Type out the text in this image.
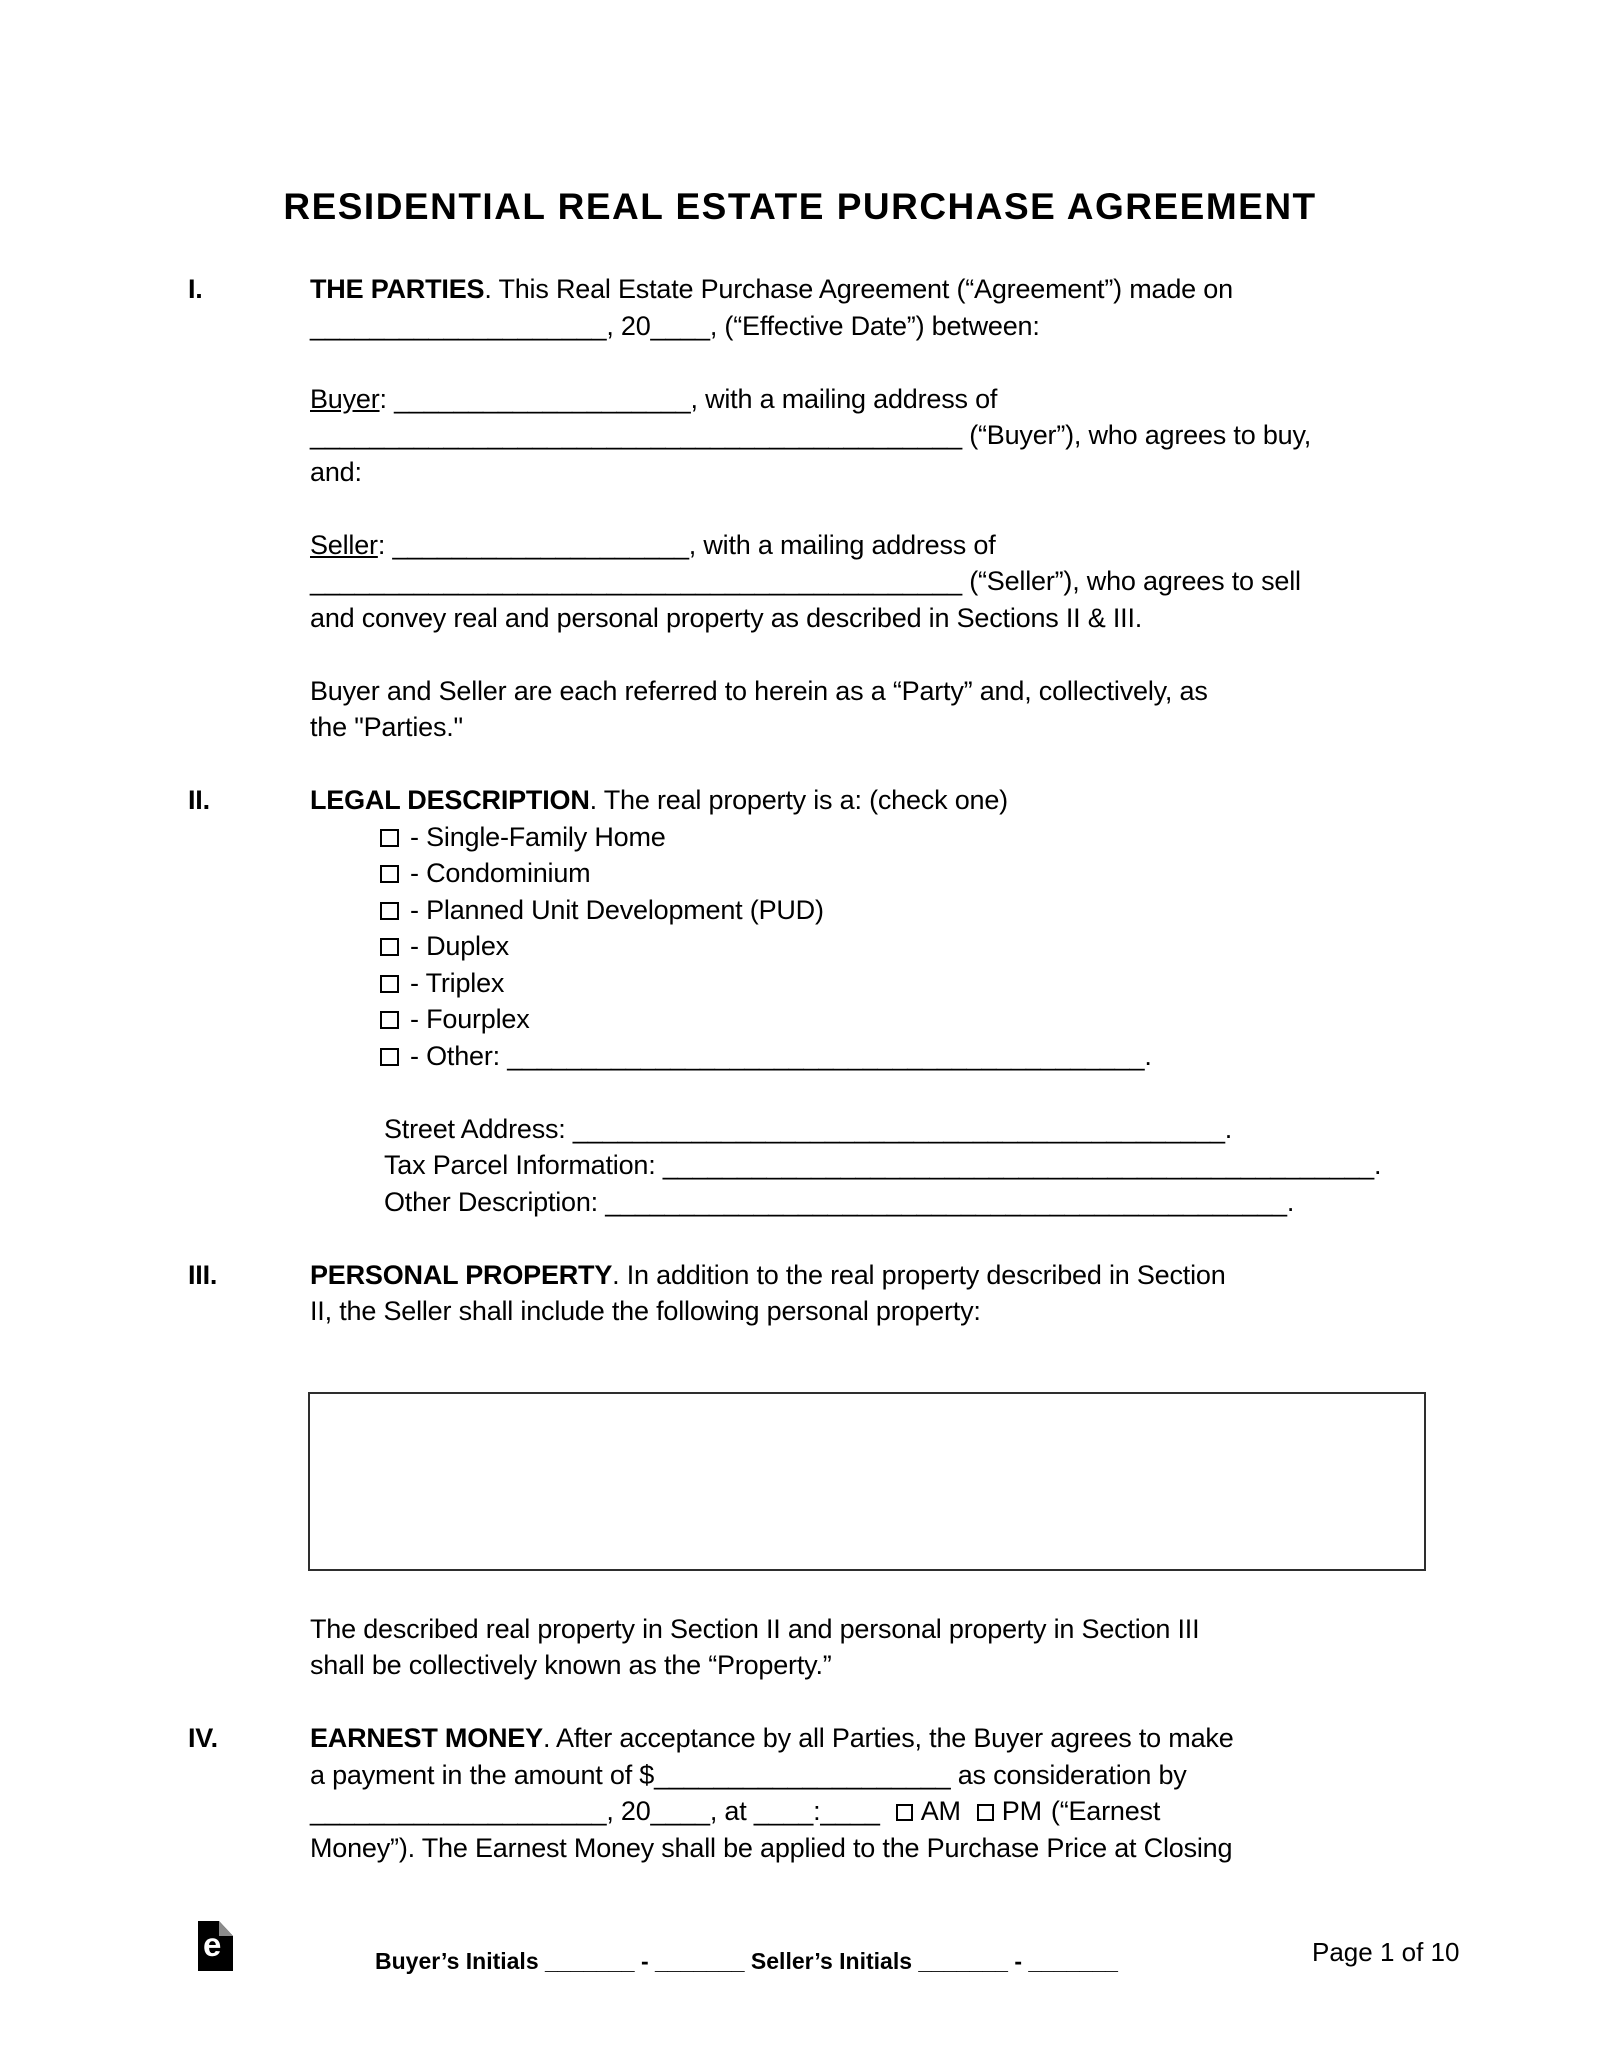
RESIDENTIAL REAL ESTATE PURCHASE AGREEMENT
I.	THE PARTIES. This Real Estate Purchase Agreement (“Agreement”) made on
____________________, 20____, (“Effective Date”) between:
Buyer: ____________________, with a mailing address of
____________________________________________ (“Buyer”), who agrees to buy,
and:
Seller: ____________________, with a mailing address of
____________________________________________ (“Seller”), who agrees to sell
and convey real and personal property as described in Sections II & III.
Buyer and Seller are each referred to herein as a “Party” and, collectively, as
the "Parties."
II.	LEGAL DESCRIPTION. The real property is a: (check one)
- Single-Family Home
- Condominium
- Planned Unit Development (PUD)
- Duplex
- Triplex
- Fourplex
- Other: ___________________________________________.
Street Address: ____________________________________________.
Tax Parcel Information: ________________________________________________.
Other Description: ______________________________________________.
III.	PERSONAL PROPERTY. In addition to the real property described in Section
II, the Seller shall include the following personal property:
The described real property in Section II and personal property in Section III
shall be collectively known as the “Property.”
IV.	EARNEST MONEY. After acceptance by all Parties, the Buyer agrees to make
a payment in the amount of $____________________ as consideration by
____________________, 20____, at ____:____ AM PM (“Earnest
Money”). The Earnest Money shall be applied to the Purchase Price at Closing
e	Buyer’s Initials _______ - _______ Seller’s Initials _______ - _______	Page 1 of 10
